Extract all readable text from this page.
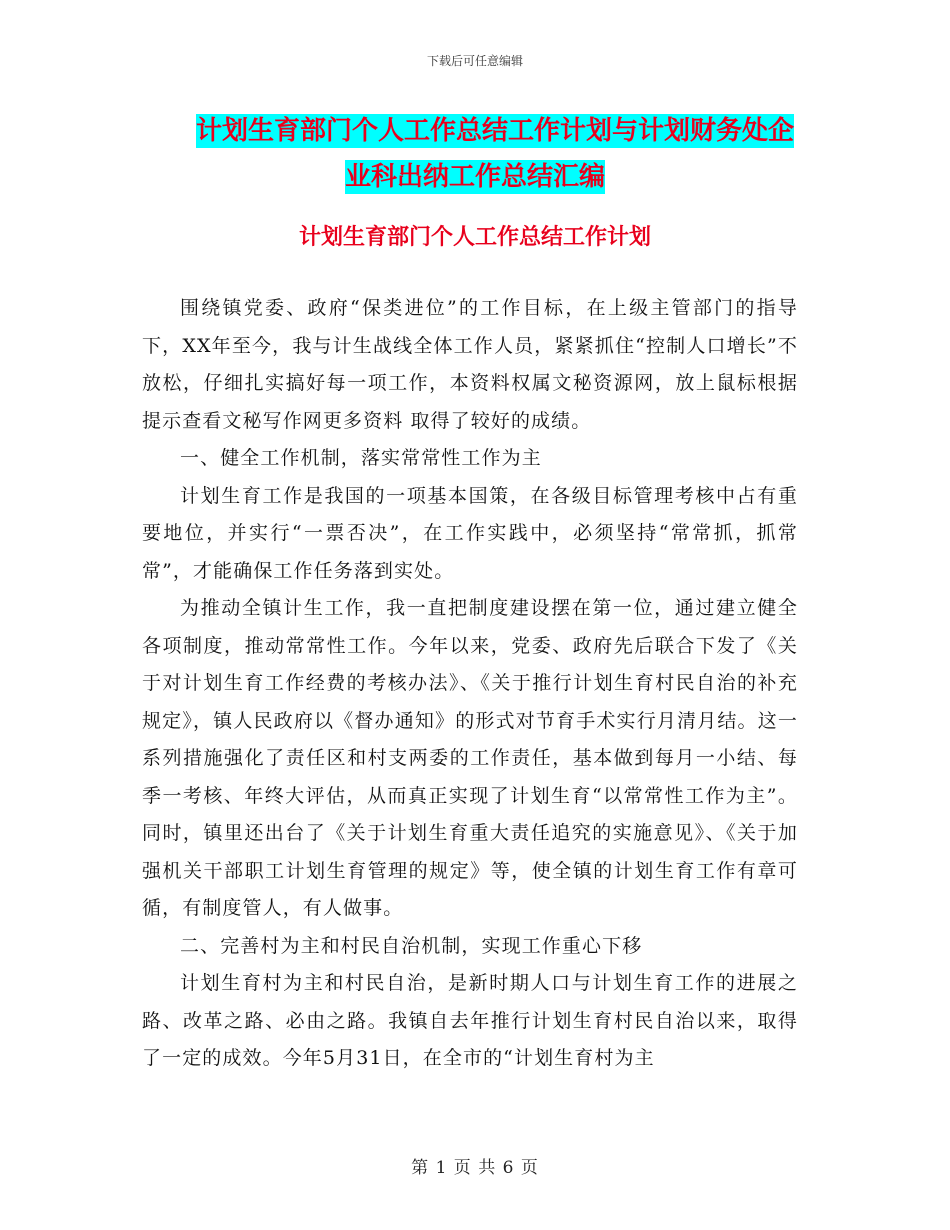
下载后可任意编辑
计划生育部门个人工作总结工作计划与计划财务处企
业科出纳工作总结汇编
计划生育部门个人工作总结工作计划

围绕镇党委、政府“保类进位”的工作目标，在上级主管部门的指导下，XX年至今，我与计生战线全体工作人员，紧紧抓住“控制人口增长”不放松，仔细扎实搞好每一项工作，本资料权属文秘资源网，放上鼠标根据提示查看文秘写作网更多资料 取得了较好的成绩。

一、健全工作机制，落实常常性工作为主

计划生育工作是我国的一项基本国策，在各级目标管理考核中占有重要地位，并实行“一票否决”，在工作实践中，必须坚持“常常抓，抓常常”，才能确保工作任务落到实处。

为推动全镇计生工作，我一直把制度建设摆在第一位，通过建立健全各项制度，推动常常性工作。今年以来，党委、政府先后联合下发了《关于对计划生育工作经费的考核办法》、《关于推行计划生育村民自治的补充规定》，镇人民政府以《督办通知》的形式对节育手术实行月清月结。这一系列措施强化了责任区和村支两委的工作责任，基本做到每月一小结、每季一考核、年终大评估，从而真正实现了计划生育“以常常性工作为主”。同时，镇里还出台了《关于计划生育重大责任追究的实施意见》、《关于加强机关干部职工计划生育管理的规定》等，使全镇的计划生育工作有章可循，有制度管人，有人做事。

二、完善村为主和村民自治机制，实现工作重心下移

计划生育村为主和村民自治，是新时期人口与计划生育工作的进展之路、改革之路、必由之路。我镇自去年推行计划生育村民自治以来，取得了一定的成效。今年5月31日，在全市的“计划生育村为主

第 1 页 共 6 页
